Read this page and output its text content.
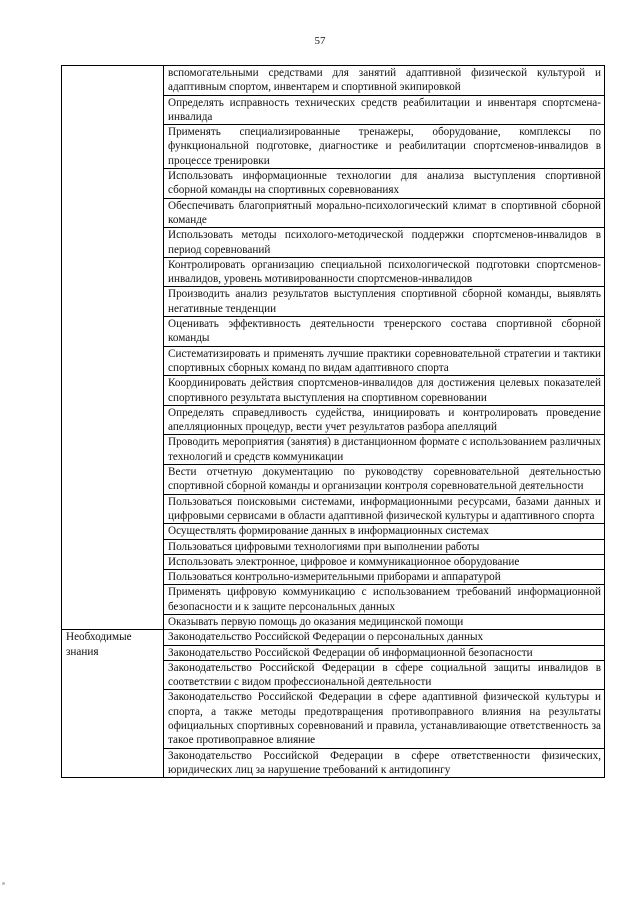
57
	вспомогательными средствами для занятий адаптивной физической культурой и адаптивным спортом, инвентарем и спортивной экипировкой
	Определять исправность технических средств реабилитации и инвентаря спортсмена-инвалида
	Применять специализированные тренажеры, оборудование, комплексы по функциональной подготовке, диагностике и реабилитации спортсменов-инвалидов в процессе тренировки
	Использовать информационные технологии для анализа выступления спортивной сборной команды на спортивных соревнованиях
	Обеспечивать благоприятный морально-психологический климат в спортивной сборной команде
	Использовать методы психолого-методической поддержки спортсменов-инвалидов в период соревнований
	Контролировать организацию специальной психологической подготовки спортсменов-инвалидов, уровень мотивированности спортсменов-инвалидов
	Производить анализ результатов выступления спортивной сборной команды, выявлять негативные тенденции
	Оценивать эффективность деятельности тренерского состава спортивной сборной команды
	Систематизировать и применять лучшие практики соревновательной стратегии и тактики спортивных сборных команд по видам адаптивного спорта
	Координировать действия спортсменов-инвалидов для достижения целевых показателей спортивного результата выступления на спортивном соревновании
	Определять справедливость судейства, инициировать и контролировать проведение апелляционных процедур, вести учет результатов разбора апелляций
	Проводить мероприятия (занятия) в дистанционном формате с использованием различных технологий и средств коммуникации
	Вести отчетную документацию по руководству соревновательной деятельностью спортивной сборной команды и организации контроля соревновательной деятельности
	Пользоваться поисковыми системами, информационными ресурсами, базами данных и цифровыми сервисами в области адаптивной физической культуры и адаптивного спорта
	Осуществлять формирование данных в информационных системах
	Пользоваться цифровыми технологиями при выполнении работы
	Использовать электронное, цифровое и коммуникационное оборудование
	Пользоваться контрольно-измерительными приборами и аппаратурой
	Применять цифровую коммуникацию с использованием требований информационной безопасности и к защите персональных данных
	Оказывать первую помощь до оказания медицинской помощи
Необходимые знания	Законодательство Российской Федерации о персональных данных
	Законодательство Российской Федерации об информационной безопасности
	Законодательство Российской Федерации в сфере социальной защиты инвалидов в соответствии с видом профессиональной деятельности
	Законодательство Российской Федерации в сфере адаптивной физической культуры и спорта, а также методы предотвращения противоправного влияния на результаты официальных спортивных соревнований и правила, устанавливающие ответственность за такое противоправное влияние
	Законодательство Российской Федерации в сфере ответственности физических, юридических лиц за нарушение требований к антидопингу
